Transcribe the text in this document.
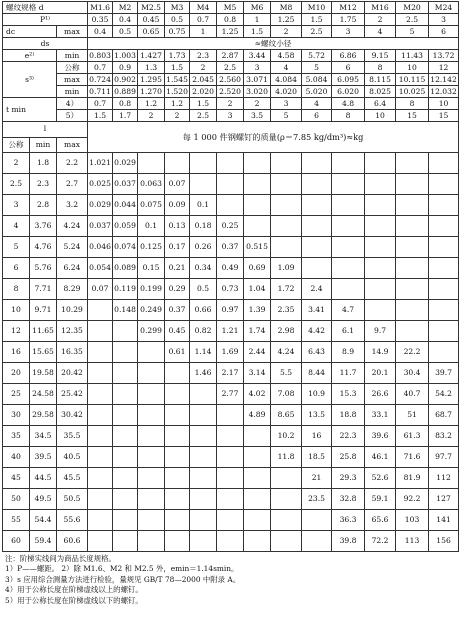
螺纹规格 d			M1.6	M2	M2.5	M3	M4	M5	M6	M8	M10	M12	M16	M20	M24
P¹⁾			0.35	0.4	0.45	0.5	0.7	0.8	1	1.25	1.5	1.75	2	2.5	3
dc		max	0.4	0.5	0.65	0.75	1	1.25	1.5	2	2.5	3	4	5	6
ds			≈螺纹小径												
e²⁾		min	0.803	1.003	1.427	1.73	2.3	2.87	3.44	4.58	5.72	6.86	9.15	11.43	13.72
s³⁾		公称	0.7	0.9	1.3	1.5	2	2.5	3	4	5	6	8	10	12
		max	0.724	0.902	1.295	1.545	2.045	2.560	3.071	4.084	5.084	6.095	8.115	10.115	12.142
		min	0.711	0.889	1.270	1.520	2.020	2.520	3.020	4.020	5.020	6.020	8.025	10.025	12.032
t min		4）	0.7	0.8	1.2	1.2	1.5	2	2	3	4	4.8	6.4	8	10
		5）	1.5	1.7	2	2	2.5	3	3.5	5	6	8	10	15	15
l			每 1 000 件钢螺钉的质量(ρ＝7.85 kg/dm³)≈kg												
公称	min	max													
2	1.8	2.2	1.021	0.029											
2.5	2.3	2.7	0.025	0.037	0.063	0.07									
3	2.8	3.2	0.029	0.044	0.075	0.09	0.1								
4	3.76	4.24	0.037	0.059	0.1	0.13	0.18	0.25							
5	4.76	5.24	0.046	0.074	0.125	0.17	0.26	0.37	0.515						
6	5.76	6.24	0.054	0.089	0.15	0.21	0.34	0.49	0.69	1.09					
8	7.71	8.29	0.07	0.119	0.199	0.29	0.5	0.73	1.04	1.72	2.4				
10	9.71	10.29		0.148	0.249	0.37	0.66	0.97	1.39	2.35	3.41	4.7			
12	11.65	12.35			0.299	0.45	0.82	1.21	1.74	2.98	4.42	6.1	9.7		
16	15.65	16.35				0.61	1.14	1.69	2.44	4.24	6.43	8.9	14.9	22.2	
20	19.58	20.42					1.46	2.17	3.14	5.5	8.44	11.7	20.1	30.4	39.7
25	24.58	25.42						2.77	4.02	7.08	10.9	15.3	26.6	40.7	54.2
30	29.58	30.42							4.89	8.65	13.5	18.8	33.1	51	68.7
35	34.5	35.5								10.2	16	22.3	39.6	61.3	83.2
40	39.5	40.5								11.8	18.5	25.8	46.1	71.6	97.7
45	44.5	45.5									21	29.3	52.6	81.9	112
50	49.5	50.5									23.5	32.8	59.1	92.2	127
55	54.4	55.6										36.3	65.6	103	141
60	59.4	60.6										39.8	72.2	113	156
注：阶梯实线间为商品长度规格。
1）P——螺距。 2）除 M1.6、M2 和 M2.5 外，emin＝1.14smin。
3）s 应用综合测量方法进行检验，量规见 GB/T 78—2000 中附录 A。
4）用于公称长度在阶梯虚线以上的螺钉。
5）用于公称长度在阶梯虚线以下的螺钉。
